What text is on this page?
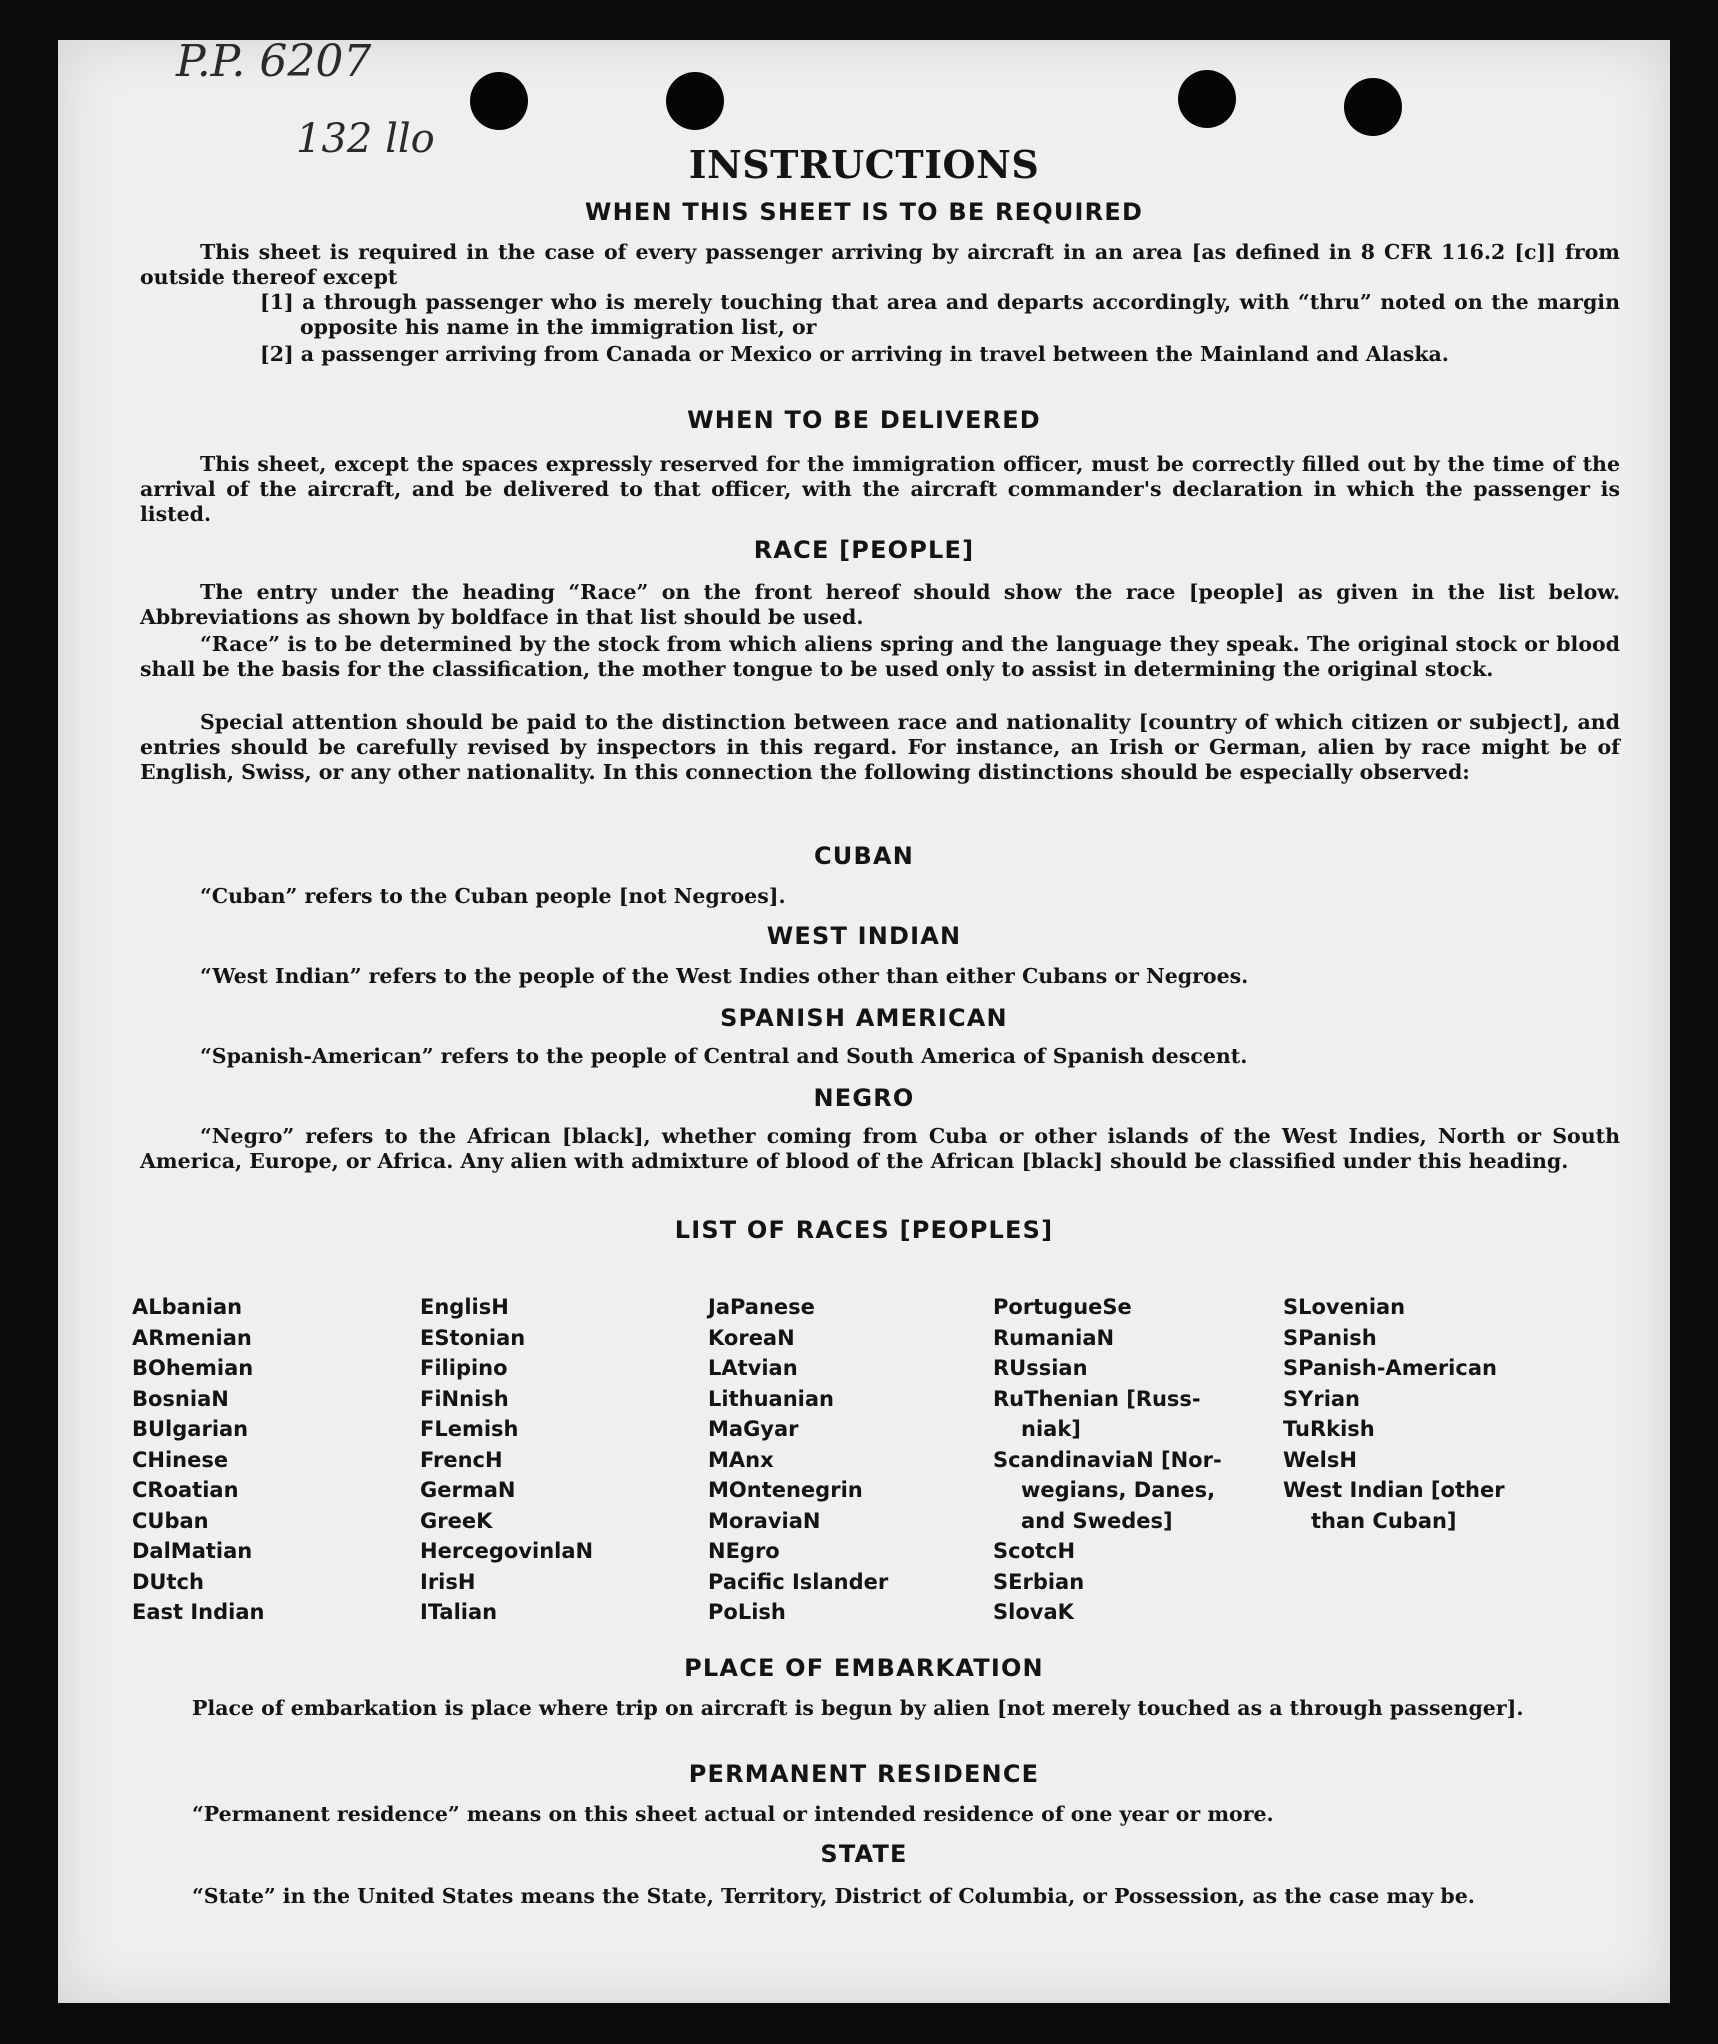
P.P. 6207
132 llo
INSTRUCTIONS
WHEN THIS SHEET IS TO BE REQUIRED
This sheet is required in the case of every passenger arriving by aircraft in an area [as defined in 8 CFR 116.2 [c]] from outside thereof except
[1] a through passenger who is merely touching that area and departs accordingly, with “thru” noted on the margin opposite his name in the immigration list, or
[2] a passenger arriving from Canada or Mexico or arriving in travel between the Mainland and Alaska.
WHEN TO BE DELIVERED
This sheet, except the spaces expressly reserved for the immigration officer, must be correctly filled out by the time of the arrival of the aircraft, and be delivered to that officer, with the aircraft commander's declaration in which the passenger is listed.
RACE [PEOPLE]
The entry under the heading “Race” on the front hereof should show the race [people] as given in the list below. Abbreviations as shown by boldface in that list should be used.
“Race” is to be determined by the stock from which aliens spring and the language they speak. The original stock or blood shall be the basis for the classification, the mother tongue to be used only to assist in determining the original stock.
Special attention should be paid to the distinction between race and nationality [country of which citizen or subject], and entries should be carefully revised by inspectors in this regard. For instance, an Irish or German, alien by race might be of English, Swiss, or any other nationality. In this connection the following distinctions should be especially observed:
CUBAN
“Cuban” refers to the Cuban people [not Negroes].
WEST INDIAN
“West Indian” refers to the people of the West Indies other than either Cubans or Negroes.
SPANISH AMERICAN
“Spanish-American” refers to the people of Central and South America of Spanish descent.
NEGRO
“Negro” refers to the African [black], whether coming from Cuba or other islands of the West Indies, North or South America, Europe, or Africa. Any alien with admixture of blood of the African [black] should be classified under this heading.
LIST OF RACES [PEOPLES]
ALbanian
ARmenian
BOhemian
BosniaN
BUlgarian
CHinese
CRoatian
CUban
DalMatian
DUtch
East Indian
EnglisH
EStonian
Filipino
FiNnish
FLemish
FrencH
GermaN
GreeK
HercegovinlaN
IrisH
ITalian
JaPanese
KoreaN
LAtvian
Lithuanian
MaGyar
MAnx
MOntenegrin
MoraviaN
NEgro
Pacific Islander
PoLish
PortugueSe
RumaniaN
RUssian
RuThenian [Russ-
niak]
ScandinaviaN [Nor-
wegians, Danes,
and Swedes]
ScotcH
SErbian
SlovaK
SLovenian
SPanish
SPanish-American
SYrian
TuRkish
WelsH
West Indian [other
than Cuban]
PLACE OF EMBARKATION
Place of embarkation is place where trip on aircraft is begun by alien [not merely touched as a through passenger].
PERMANENT RESIDENCE
“Permanent residence” means on this sheet actual or intended residence of one year or more.
STATE
“State” in the United States means the State, Territory, District of Columbia, or Possession, as the case may be.
